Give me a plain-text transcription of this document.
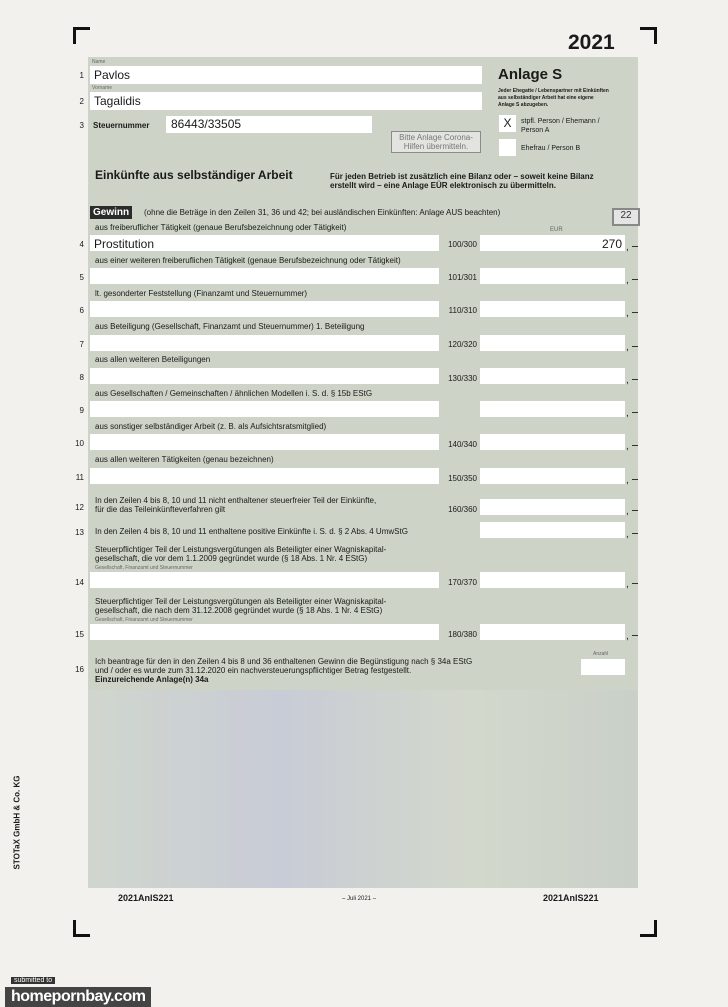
2021
Name
1 Pavlos
Vorname
2 Tagalidis
3 Steuernummer 86443/33505
Bitte Anlage Corona-Hilfen übermitteln.
Anlage S
Jeder Ehegatte / Lebenspartner mit Einkünften
aus selbständiger Arbeit hat eine eigene
Anlage S abzugeben.
X	stpfl. Person / Ehemann / Person A
Ehefrau / Person B
Einkünfte aus selbständiger Arbeit	Für jeden Betrieb ist zusätzlich eine Bilanz oder – soweit keine Bilanz
erstellt wird – eine Anlage EÜR elektronisch zu übermitteln.
Gewinn	(ohne die Beträge in den Zeilen 31, 36 und 42; bei ausländischen Einkünften: Anlage AUS beachten)	22
EUR
aus freiberuflicher Tätigkeit (genaue Berufsbezeichnung oder Tätigkeit)
4 Prostitution	100/300	270 ,
aus einer weiteren freiberuflichen Tätigkeit (genaue Berufsbezeichnung oder Tätigkeit)
5	101/301	,
lt. gesonderter Feststellung (Finanzamt und Steuernummer)
6	110/310	,
aus Beteiligung (Gesellschaft, Finanzamt und Steuernummer) 1. Beteiligung
7	120/320	,
aus allen weiteren Beteiligungen
8	130/330	,
aus Gesellschaften / Gemeinschaften / ähnlichen Modellen i. S. d. § 15b EStG
9	,
aus sonstiger selbständiger Arbeit (z. B. als Aufsichtsratsmitglied)
10	140/340	,
aus allen weiteren Tätigkeiten (genau bezeichnen)
11	150/350	,
12
In den Zeilen 4 bis 8, 10 und 11 nicht enthaltener steuerfreier Teil der Einkünfte,
für die das Teileinkünfteverfahren gilt	160/360	,
13 In den Zeilen 4 bis 8, 10 und 11 enthaltene positive Einkünfte i. S. d. § 2 Abs. 4 UmwStG	,
Steuerpflichtiger Teil der Leistungsvergütungen als Beteiligter einer Wagniskapital-
gesellschaft, die vor dem 1.1.2009 gegründet wurde (§ 18 Abs. 1 Nr. 4 EStG)
Gesellschaft, Finanzamt und Steuernummer
14	170/370	,
Steuerpflichtiger Teil der Leistungsvergütungen als Beteiligter einer Wagniskapital-
gesellschaft, die nach dem 31.12.2008 gegründet wurde (§ 18 Abs. 1 Nr. 4 EStG)
Gesellschaft, Finanzamt und Steuernummer
15	180/380	,
16
Ich beantrage für den in den Zeilen 4 bis 8 und 36 enthaltenen Gewinn die Begünstigung nach § 34a EStG
und / oder es wurde zum 31.12.2020 ein nachversteuerungspflichtiger Betrag festgestellt.
Einzureichende Anlage(n) 34a
Anzahl
STOTaX GmbH & Co. KG
2021AnlS221	– Juli 2021 –	2021AnlS221
submitted to
homepornbay.com
